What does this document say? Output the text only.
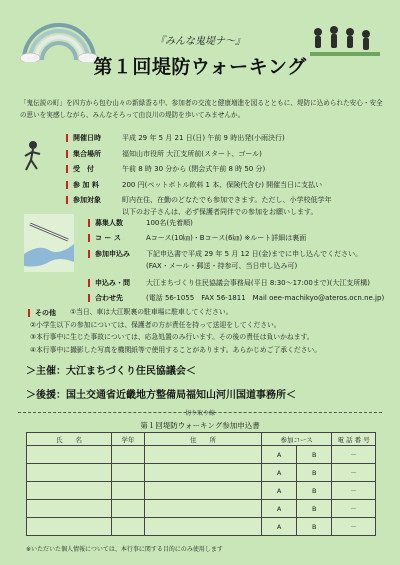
『みんな鬼堤ナ～』
第１回堤防ウォーキング
「鬼伝説の町」を四方から包む山々の新緑香る中、参加者の交流と健康増進を図るとともに、堤防に込められた安心・安全の思いを実感しながら、みんなそろって由良川の堤防を歩いてみませんか。
開催日時	平成 29 年 5 月 21 日(日) 午前 9 時出発(小雨決行)
集合場所	福知山市役所 大江支所前(スタート、ゴール)
受　付	午前 8 時 30 分から (閉会式午前 8 時 50 分)
参 加 料	200 円(ペットボトル飲料 1 本、保険代含む) 開催当日に支払い
参加対象	町内在住、在勤のどなたでも参加できます。ただし、小学校低学年
以下のお子さんは、必ず保護者同伴での参加をお願いします。
募集人数	100名(先着順)
コ ー ス	Aコース(10㎞)・Bコース(6㎞) ※ルート詳細は裏面
参加申込み 下記申込書で平成 29 年 5 月 12 日(金)までに申し込んでください。
(FAX・メール・郵送・持参可、当日申し込み可)
申込み・問 大江まちづくり住民協議会事務局(平日 8:30～17:00まで)(大江支所構)
合わせ先	(電話 56-1055　FAX 56-1811　Mail oee-machikyo@ateros.ocn.ne.jp)
その他 ①当日、車は大江駅裏の駐車場に駐車してください。
②小学生以下の参加については、保護者の方が責任を持って送迎をしてください。
③本行事中に生じた事故については、応急処置のみ行います。その後の責任は負いかねます。
④本行事中に撮影した写真を機関紙等で使用することがあります。あらかじめご了承ください。
＞主催：大江まちづくり住民協議会＜
＞後援：国土交通省近畿地方整備局福知山河川国道事務所＜
切り取り線
第１回堤防ウォーキング参加申込書
氏　　名	学年	住　　所	参加コース		電 話 番 号
			A	B	－
			A	B	－
			A	B	－
			A	B	－
			A	B	－
※いただいた個人情報については、本行事に関する目的にのみ使用します
